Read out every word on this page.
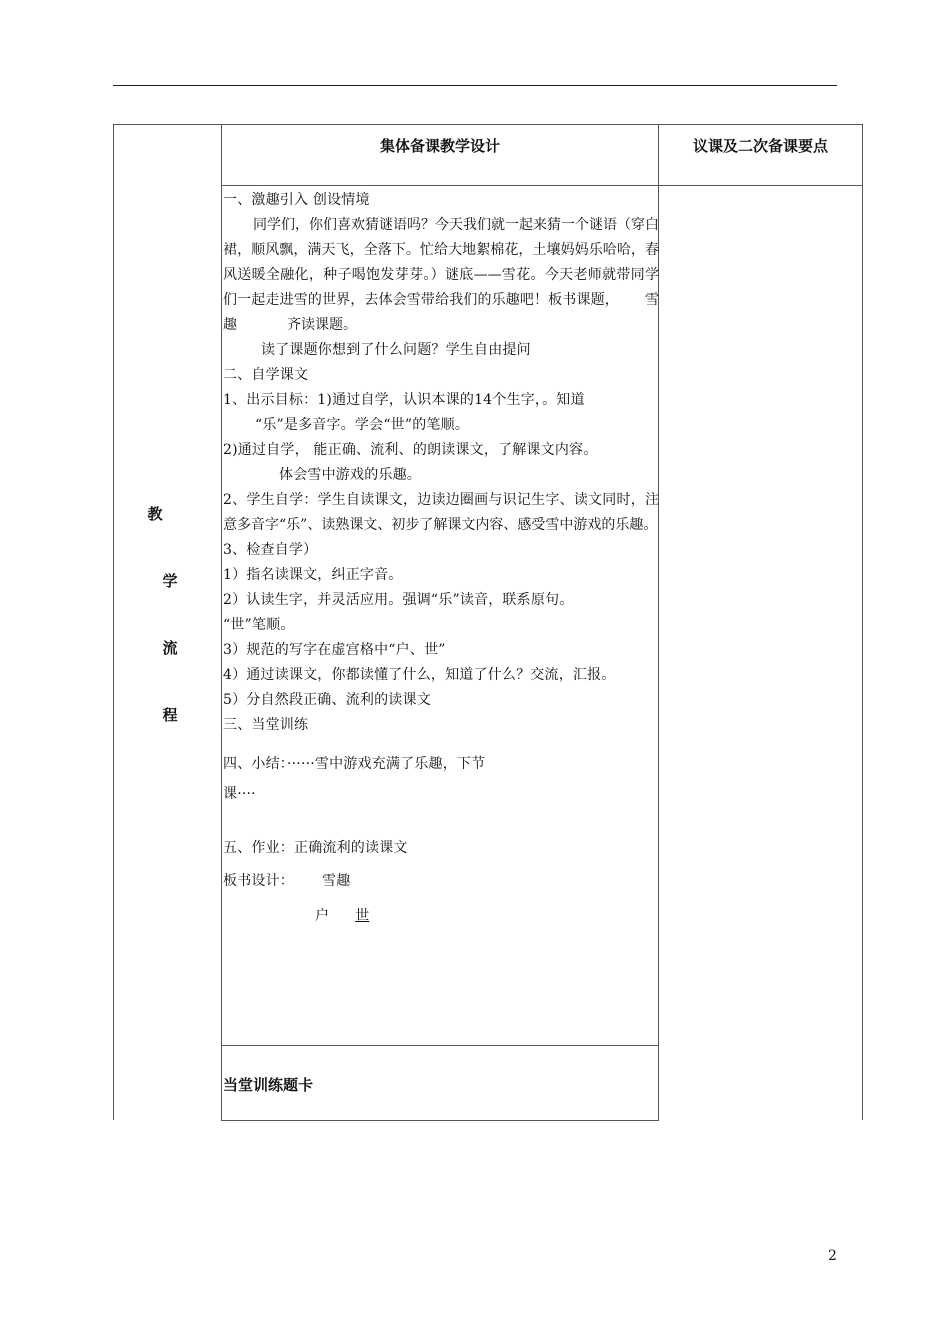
集体备课教学设计	议课及二次备课要点
教
学
流
程
一、激趣引入 创设情境
同学们，你们喜欢猜谜语吗？今天我们就一起来猜一个谜语（穿白裙，顺风飘，满天飞，全落下。忙给大地絮棉花，土壤妈妈乐哈哈，春风送暖全融化，种子喝饱发芽芽。）谜底——雪花。今天老师就带同学们一起走进雪的世界，去体会雪带给我们的乐趣吧！板书课题， 雪趣	齐读课题。
读了课题你想到了什么问题？学生自由提问
二、自学课文
1、出示目标：1)通过自学，认识本课的14个生字，。知道
“乐”是多音字。学会“世”的笔顺。
2)通过自学， 能正确、流利、的朗读课文，了解课文内容。
体会雪中游戏的乐趣。
2、学生自学：学生自读课文，边读边圈画与识记生字、读文同时，注意多音字“乐”、读熟课文、初步了解课文内容、感受雪中游戏的乐趣。
3、检查自学）
1）指名读课文，纠正字音。
2）认读生字，并灵活应用。强调“乐”读音，联系原句。
“世”笔顺。
3）规范的写字在虚宫格中“户、世”
4）通过读课文，你都读懂了什么，知道了什么？交流，汇报。
5）分自然段正确、流利的读课文
三、当堂训练
四、小结：······雪中游戏充满了乐趣，下节
课····
五、作业：正确流利的读课文
板书设计： 雪趣
户 世
当堂训练题卡
2
